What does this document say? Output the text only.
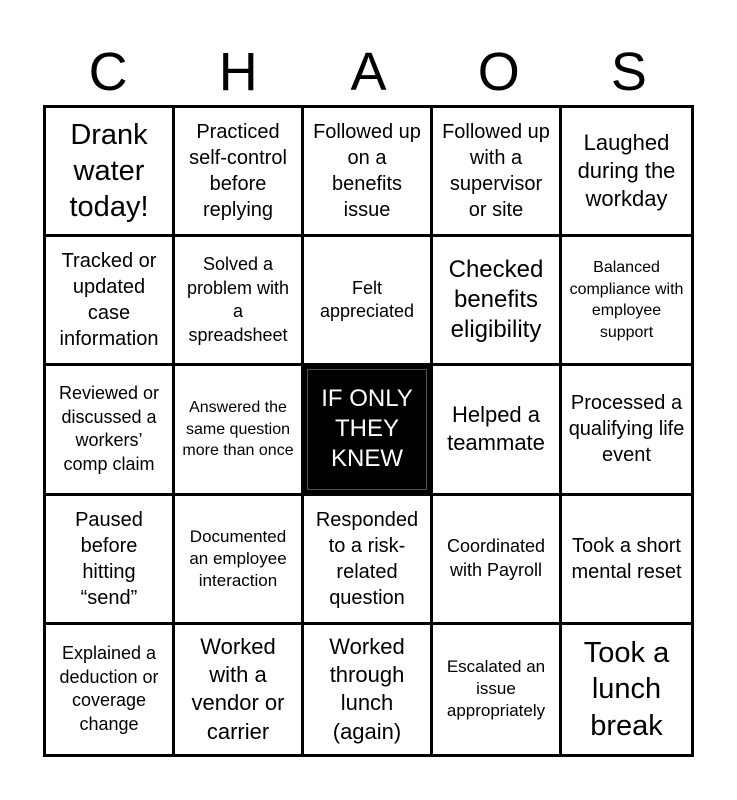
C	H	A	O	S
Drank water today!
Practiced self-control before replying
Followed up on a benefits issue
Followed up with a supervisor or site
Laughed during the workday
Tracked or updated case information
Solved a problem with a spreadsheet
Felt appreciated
Checked benefits eligibility
Balanced compliance with employee support
Reviewed or discussed a workers’ comp claim
Answered the same question more than once
IF ONLY THEY KNEW
Helped a teammate
Processed a qualifying life event
Paused before hitting “send”
Documented an employee interaction
Responded to a risk-related question
Coordinated with Payroll
Took a short mental reset
Explained a deduction or coverage change
Worked with a vendor or carrier
Worked through lunch (again)
Escalated an issue appropriately
Took a lunch break
